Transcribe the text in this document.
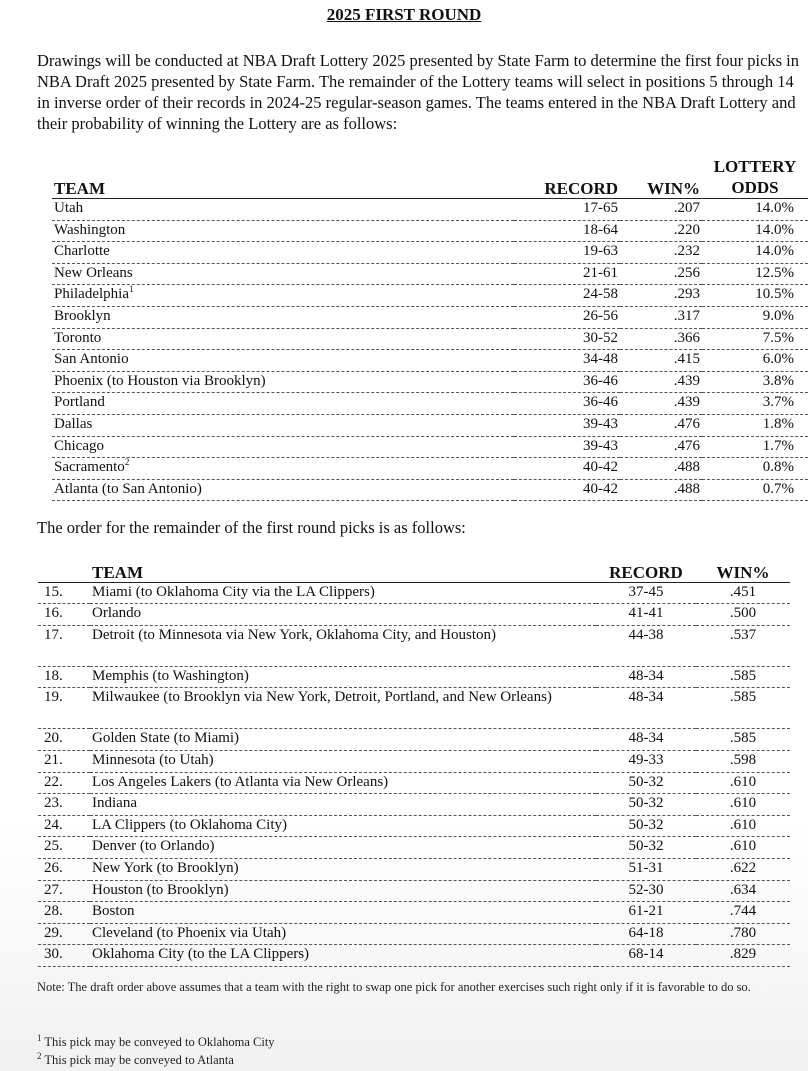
2025 FIRST ROUND
Drawings will be conducted at NBA Draft Lottery 2025 presented by State Farm to determine the first four picks in NBA Draft 2025 presented by State Farm. The remainder of the Lottery teams will select in positions 5 through 14 in inverse order of their records in 2024-25 regular-season games. The teams entered in the NBA Draft Lottery and their probability of winning the Lottery are as follows:
TEAM	RECORD	WIN%	LOTTERY
ODDS
Utah	17-65	.207	14.0%
Washington	18-64	.220	14.0%
Charlotte	19-63	.232	14.0%
New Orleans	21-61	.256	12.5%
Philadelphia$^1$	24-58	.293	10.5%
Brooklyn	26-56	.317	9.0%
Toronto	30-52	.366	7.5%
San Antonio	34-48	.415	6.0%
Phoenix (to Houston via Brooklyn)	36-46	.439	3.8%
Portland	36-46	.439	3.7%
Dallas	39-43	.476	1.8%
Chicago	39-43	.476	1.7%
Sacramento$^2$	40-42	.488	0.8%
Atlanta (to San Antonio)	40-42	.488	0.7%
The order for the remainder of the first round picks is as follows:
	TEAM	RECORD	WIN%
15.	Miami (to Oklahoma City via the LA Clippers)	37-45	.451
16.	Orlando	41-41	.500
17.	Detroit (to Minnesota via New York, Oklahoma City, and Houston)	44-38	.537
18.	Memphis (to Washington)	48-34	.585
19.	Milwaukee (to Brooklyn via New York, Detroit, Portland, and New Orleans)	48-34	.585
20.	Golden State (to Miami)	48-34	.585
21.	Minnesota (to Utah)	49-33	.598
22.	Los Angeles Lakers (to Atlanta via New Orleans)	50-32	.610
23.	Indiana	50-32	.610
24.	LA Clippers (to Oklahoma City)	50-32	.610
25.	Denver (to Orlando)	50-32	.610
26.	New York (to Brooklyn)	51-31	.622
27.	Houston (to Brooklyn)	52-30	.634
28.	Boston	61-21	.744
29.	Cleveland (to Phoenix via Utah)	64-18	.780
30.	Oklahoma City (to the LA Clippers)	68-14	.829
Note: The draft order above assumes that a team with the right to swap one pick for another exercises such right only if it is favorable to do so.
$^1$ This pick may be conveyed to Oklahoma City
$^2$ This pick may be conveyed to Atlanta
